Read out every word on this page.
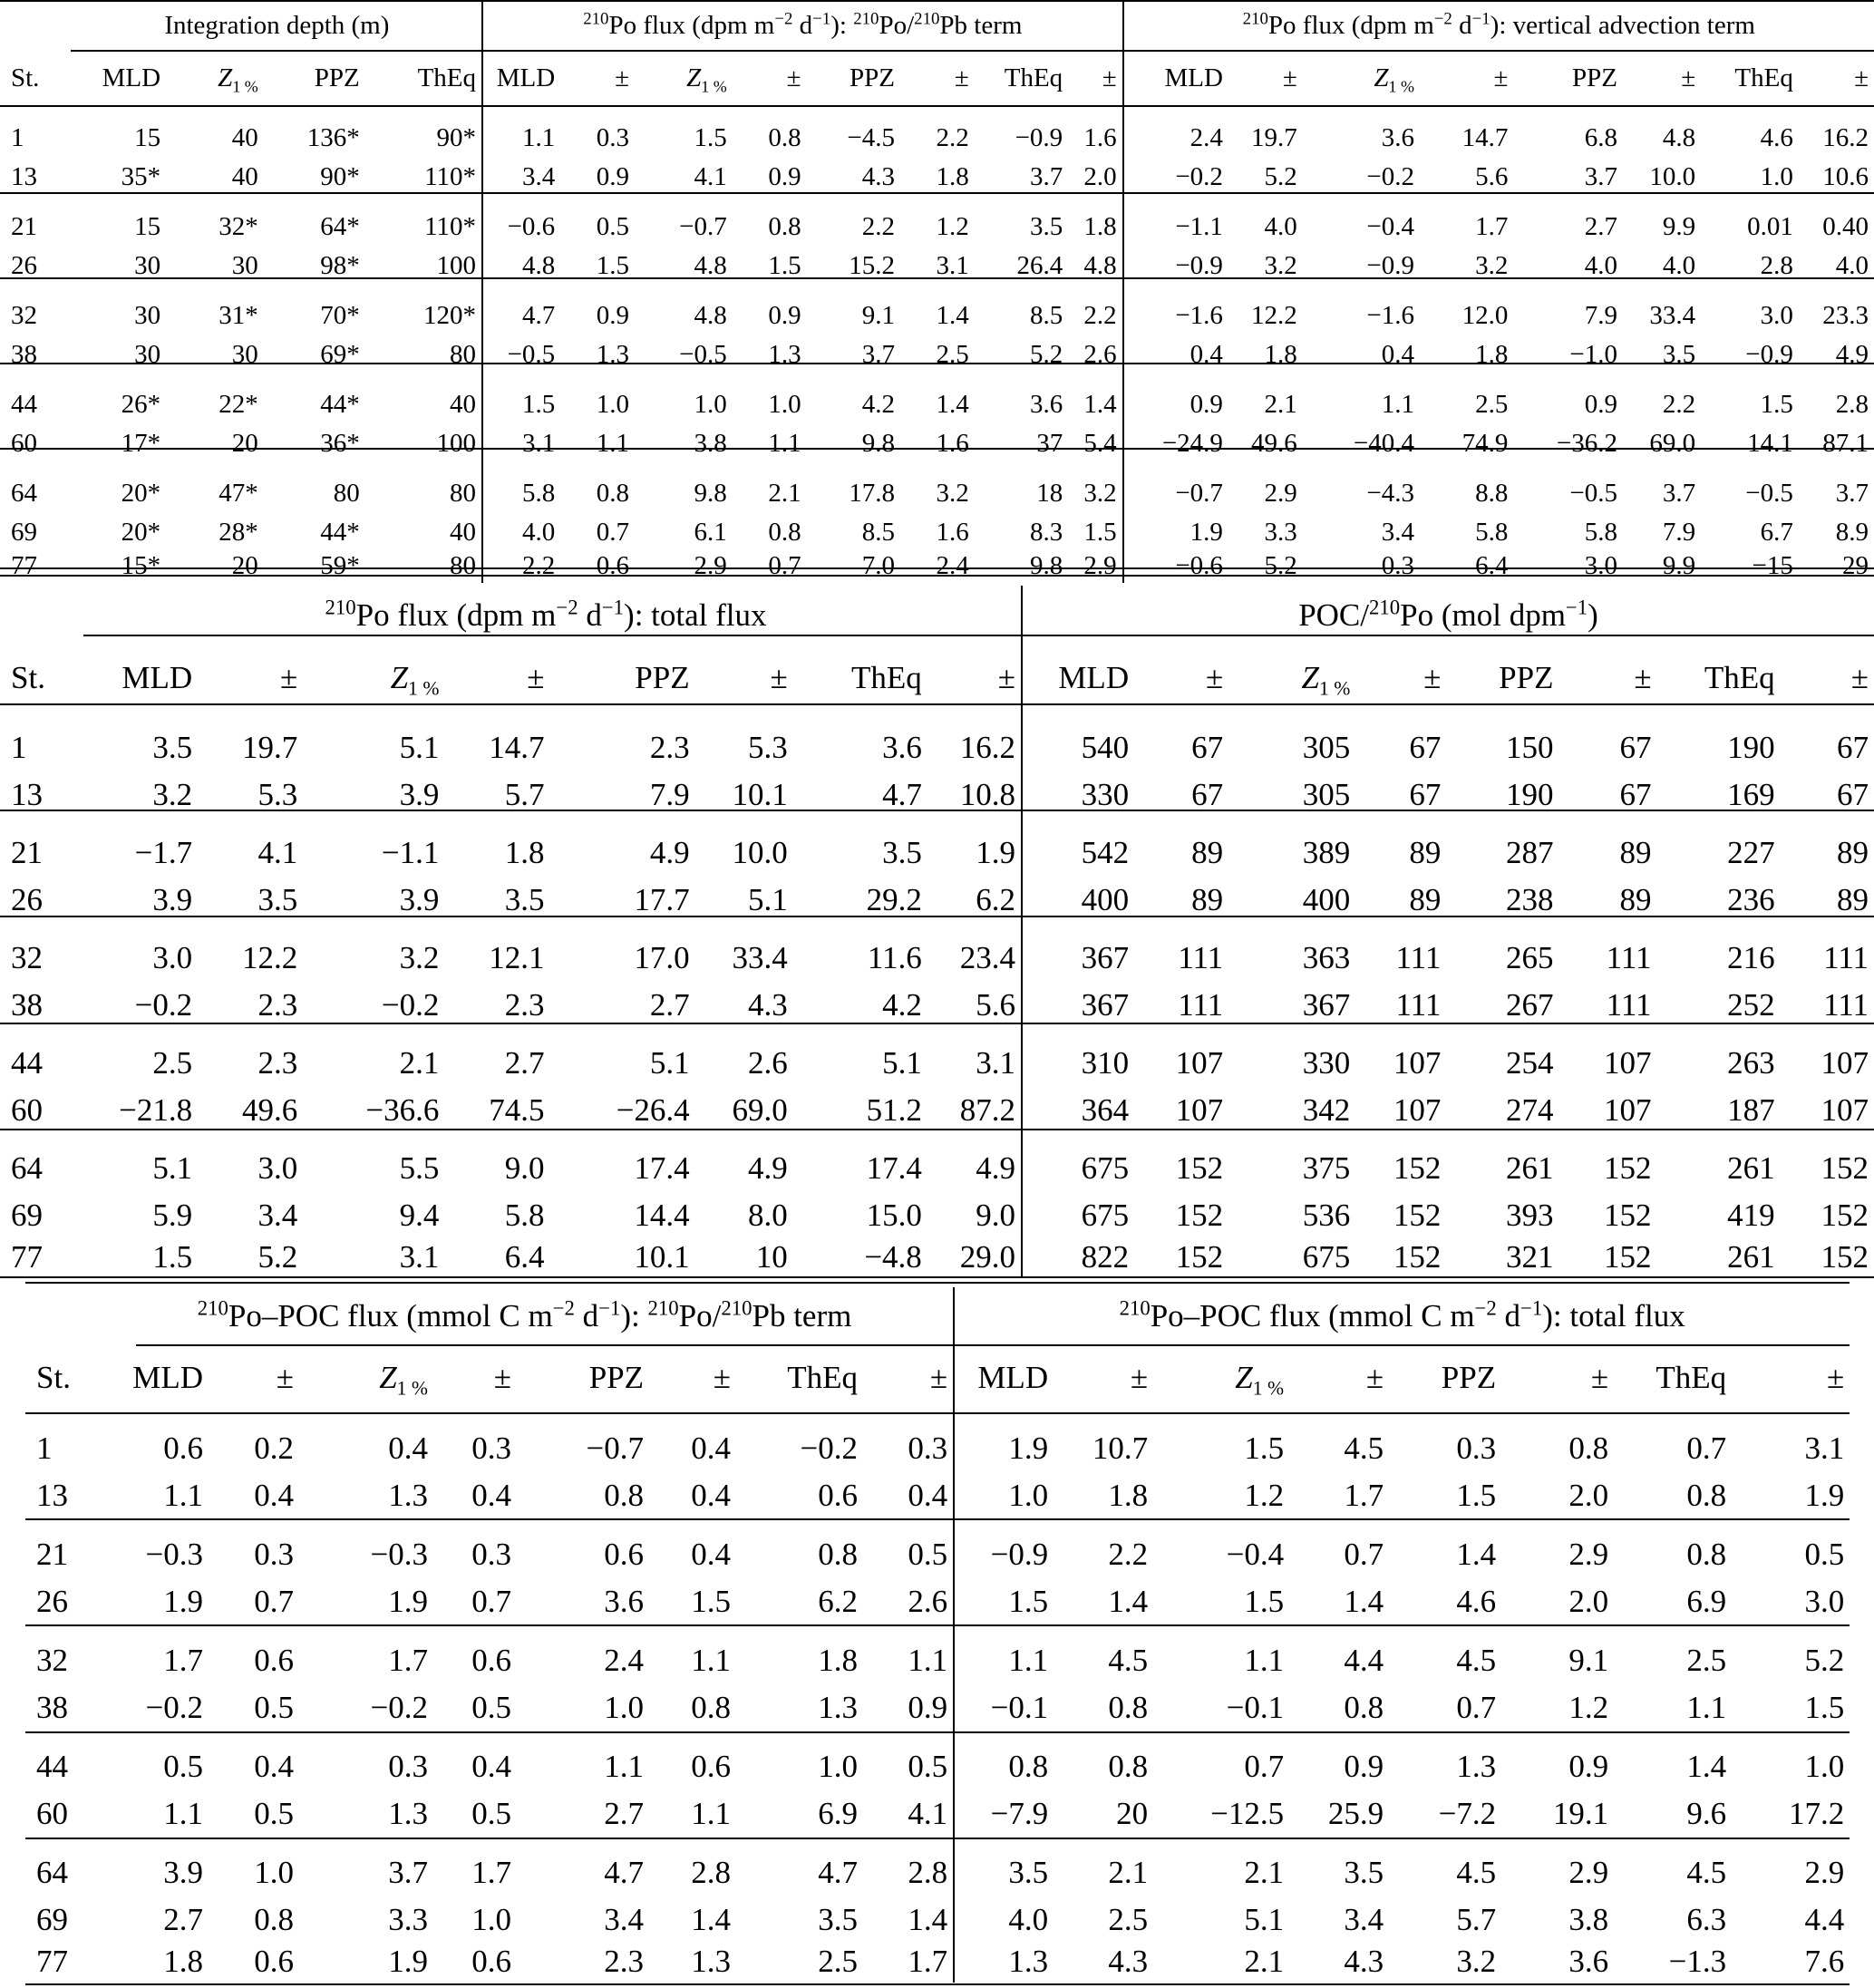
	Integration depth (m)				$^{210}$Po flux (dpm $m^{-2}$ $d^{-1}$): $^{210}$Po/$^{210}$Pb term								$^{210}$Po flux (dpm $m^{-2}$ $d^{-1}$): vertical advection term							
St.	MLD	$Z_{1 \%}$	PPZ	ThEq	MLD	±	$Z_{1 \%}$	±	PPZ	±	ThEq	±	MLD	±	$Z_{1 \%}$	±	PPZ	±	ThEq	±
1	15	40	136*	90*	1.1	0.3	1.5	0.8	−4.5	2.2	−0.9	1.6	2.4	19.7	3.6	14.7	6.8	4.8	4.6	16.2
13	35*	40	90*	110*	3.4	0.9	4.1	0.9	4.3	1.8	3.7	2.0	−0.2	5.2	−0.2	5.6	3.7	10.0	1.0	10.6
21	15	32*	64*	110*	−0.6	0.5	−0.7	0.8	2.2	1.2	3.5	1.8	−1.1	4.0	−0.4	1.7	2.7	9.9	0.01	0.40
26	30	30	98*	100	4.8	1.5	4.8	1.5	15.2	3.1	26.4	4.8	−0.9	3.2	−0.9	3.2	4.0	4.0	2.8	4.0
32	30	31*	70*	120*	4.7	0.9	4.8	0.9	9.1	1.4	8.5	2.2	−1.6	12.2	−1.6	12.0	7.9	33.4	3.0	23.3
38	30	30	69*	80	−0.5	1.3	−0.5	1.3	3.7	2.5	5.2	2.6	0.4	1.8	0.4	1.8	−1.0	3.5	−0.9	4.9
44	26*	22*	44*	40	1.5	1.0	1.0	1.0	4.2	1.4	3.6	1.4	0.9	2.1	1.1	2.5	0.9	2.2	1.5	2.8
60	17*	20	36*	100	3.1	1.1	3.8	1.1	9.8	1.6	37	5.4	−24.9	49.6	−40.4	74.9	−36.2	69.0	14.1	87.1
64	20*	47*	80	80	5.8	0.8	9.8	2.1	17.8	3.2	18	3.2	−0.7	2.9	−4.3	8.8	−0.5	3.7	−0.5	3.7
69	20*	28*	44*	40	4.0	0.7	6.1	0.8	8.5	1.6	8.3	1.5	1.9	3.3	3.4	5.8	5.8	7.9	6.7	8.9
77	15*	20	59*	80	2.2	0.6	2.9	0.7	7.0	2.4	9.8	2.9	−0.6	5.2	0.3	6.4	3.0	9.9	−15	29
	$^{210}$Po flux (dpm $m^{-2}$ $d^{-1}$): total flux								POC/$^{210}$Po (mol dpm$^{-1}$)							
St.	MLD	±	$Z_{1 \%}$	±	PPZ	±	ThEq	±	MLD	±	$Z_{1 \%}$	±	PPZ	±	ThEq	±
1	3.5	19.7	5.1	14.7	2.3	5.3	3.6	16.2	540	67	305	67	150	67	190	67
13	3.2	5.3	3.9	5.7	7.9	10.1	4.7	10.8	330	67	305	67	190	67	169	67
21	−1.7	4.1	−1.1	1.8	4.9	10.0	3.5	1.9	542	89	389	89	287	89	227	89
26	3.9	3.5	3.9	3.5	17.7	5.1	29.2	6.2	400	89	400	89	238	89	236	89
32	3.0	12.2	3.2	12.1	17.0	33.4	11.6	23.4	367	111	363	111	265	111	216	111
38	−0.2	2.3	−0.2	2.3	2.7	4.3	4.2	5.6	367	111	367	111	267	111	252	111
44	2.5	2.3	2.1	2.7	5.1	2.6	5.1	3.1	310	107	330	107	254	107	263	107
60	−21.8	49.6	−36.6	74.5	−26.4	69.0	51.2	87.2	364	107	342	107	274	107	187	107
64	5.1	3.0	5.5	9.0	17.4	4.9	17.4	4.9	675	152	375	152	261	152	261	152
69	5.9	3.4	9.4	5.8	14.4	8.0	15.0	9.0	675	152	536	152	393	152	419	152
77	1.5	5.2	3.1	6.4	10.1	10	−4.8	29.0	822	152	675	152	321	152	261	152
	$^{210}$Po–POC flux (mmol C $m^{-2}$ $d^{-1}$): $^{210}$Po/$^{210}$Pb term								$^{210}$Po–POC flux (mmol C $m^{-2}$ $d^{-1}$): total flux							
St.	MLD	±	$Z_{1 \%}$	±	PPZ	±	ThEq	±	MLD	±	$Z_{1 \%}$	±	PPZ	±	ThEq	±
1	0.6	0.2	0.4	0.3	−0.7	0.4	−0.2	0.3	1.9	10.7	1.5	4.5	0.3	0.8	0.7	3.1
13	1.1	0.4	1.3	0.4	0.8	0.4	0.6	0.4	1.0	1.8	1.2	1.7	1.5	2.0	0.8	1.9
21	−0.3	0.3	−0.3	0.3	0.6	0.4	0.8	0.5	−0.9	2.2	−0.4	0.7	1.4	2.9	0.8	0.5
26	1.9	0.7	1.9	0.7	3.6	1.5	6.2	2.6	1.5	1.4	1.5	1.4	4.6	2.0	6.9	3.0
32	1.7	0.6	1.7	0.6	2.4	1.1	1.8	1.1	1.1	4.5	1.1	4.4	4.5	9.1	2.5	5.2
38	−0.2	0.5	−0.2	0.5	1.0	0.8	1.3	0.9	−0.1	0.8	−0.1	0.8	0.7	1.2	1.1	1.5
44	0.5	0.4	0.3	0.4	1.1	0.6	1.0	0.5	0.8	0.8	0.7	0.9	1.3	0.9	1.4	1.0
60	1.1	0.5	1.3	0.5	2.7	1.1	6.9	4.1	−7.9	20	−12.5	25.9	−7.2	19.1	9.6	17.2
64	3.9	1.0	3.7	1.7	4.7	2.8	4.7	2.8	3.5	2.1	2.1	3.5	4.5	2.9	4.5	2.9
69	2.7	0.8	3.3	1.0	3.4	1.4	3.5	1.4	4.0	2.5	5.1	3.4	5.7	3.8	6.3	4.4
77	1.8	0.6	1.9	0.6	2.3	1.3	2.5	1.7	1.3	4.3	2.1	4.3	3.2	3.6	−1.3	7.6
